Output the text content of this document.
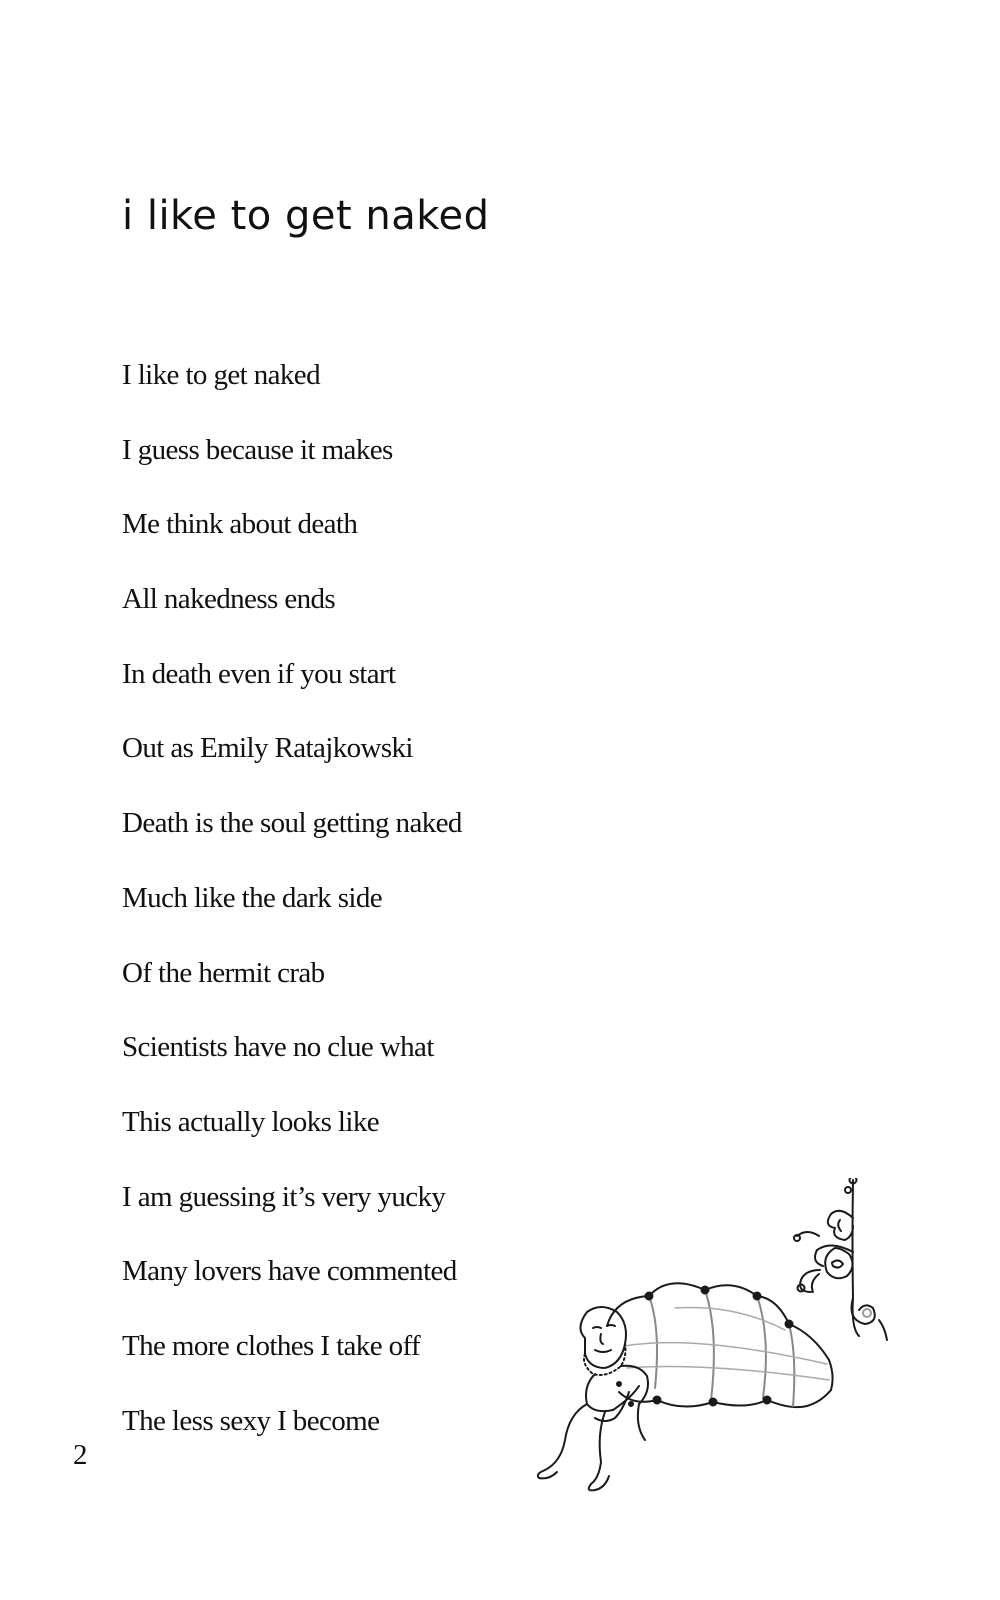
i like to get naked
I like to get naked
I guess because it makes
Me think about death
All nakedness ends
In death even if you start
Out as Emily Ratajkowski
Death is the soul getting naked
Much like the dark side
Of the hermit crab
Scientists have no clue what
This actually looks like
I am guessing it’s very yucky
Many lovers have commented
The more clothes I take off
The less sexy I become
2
